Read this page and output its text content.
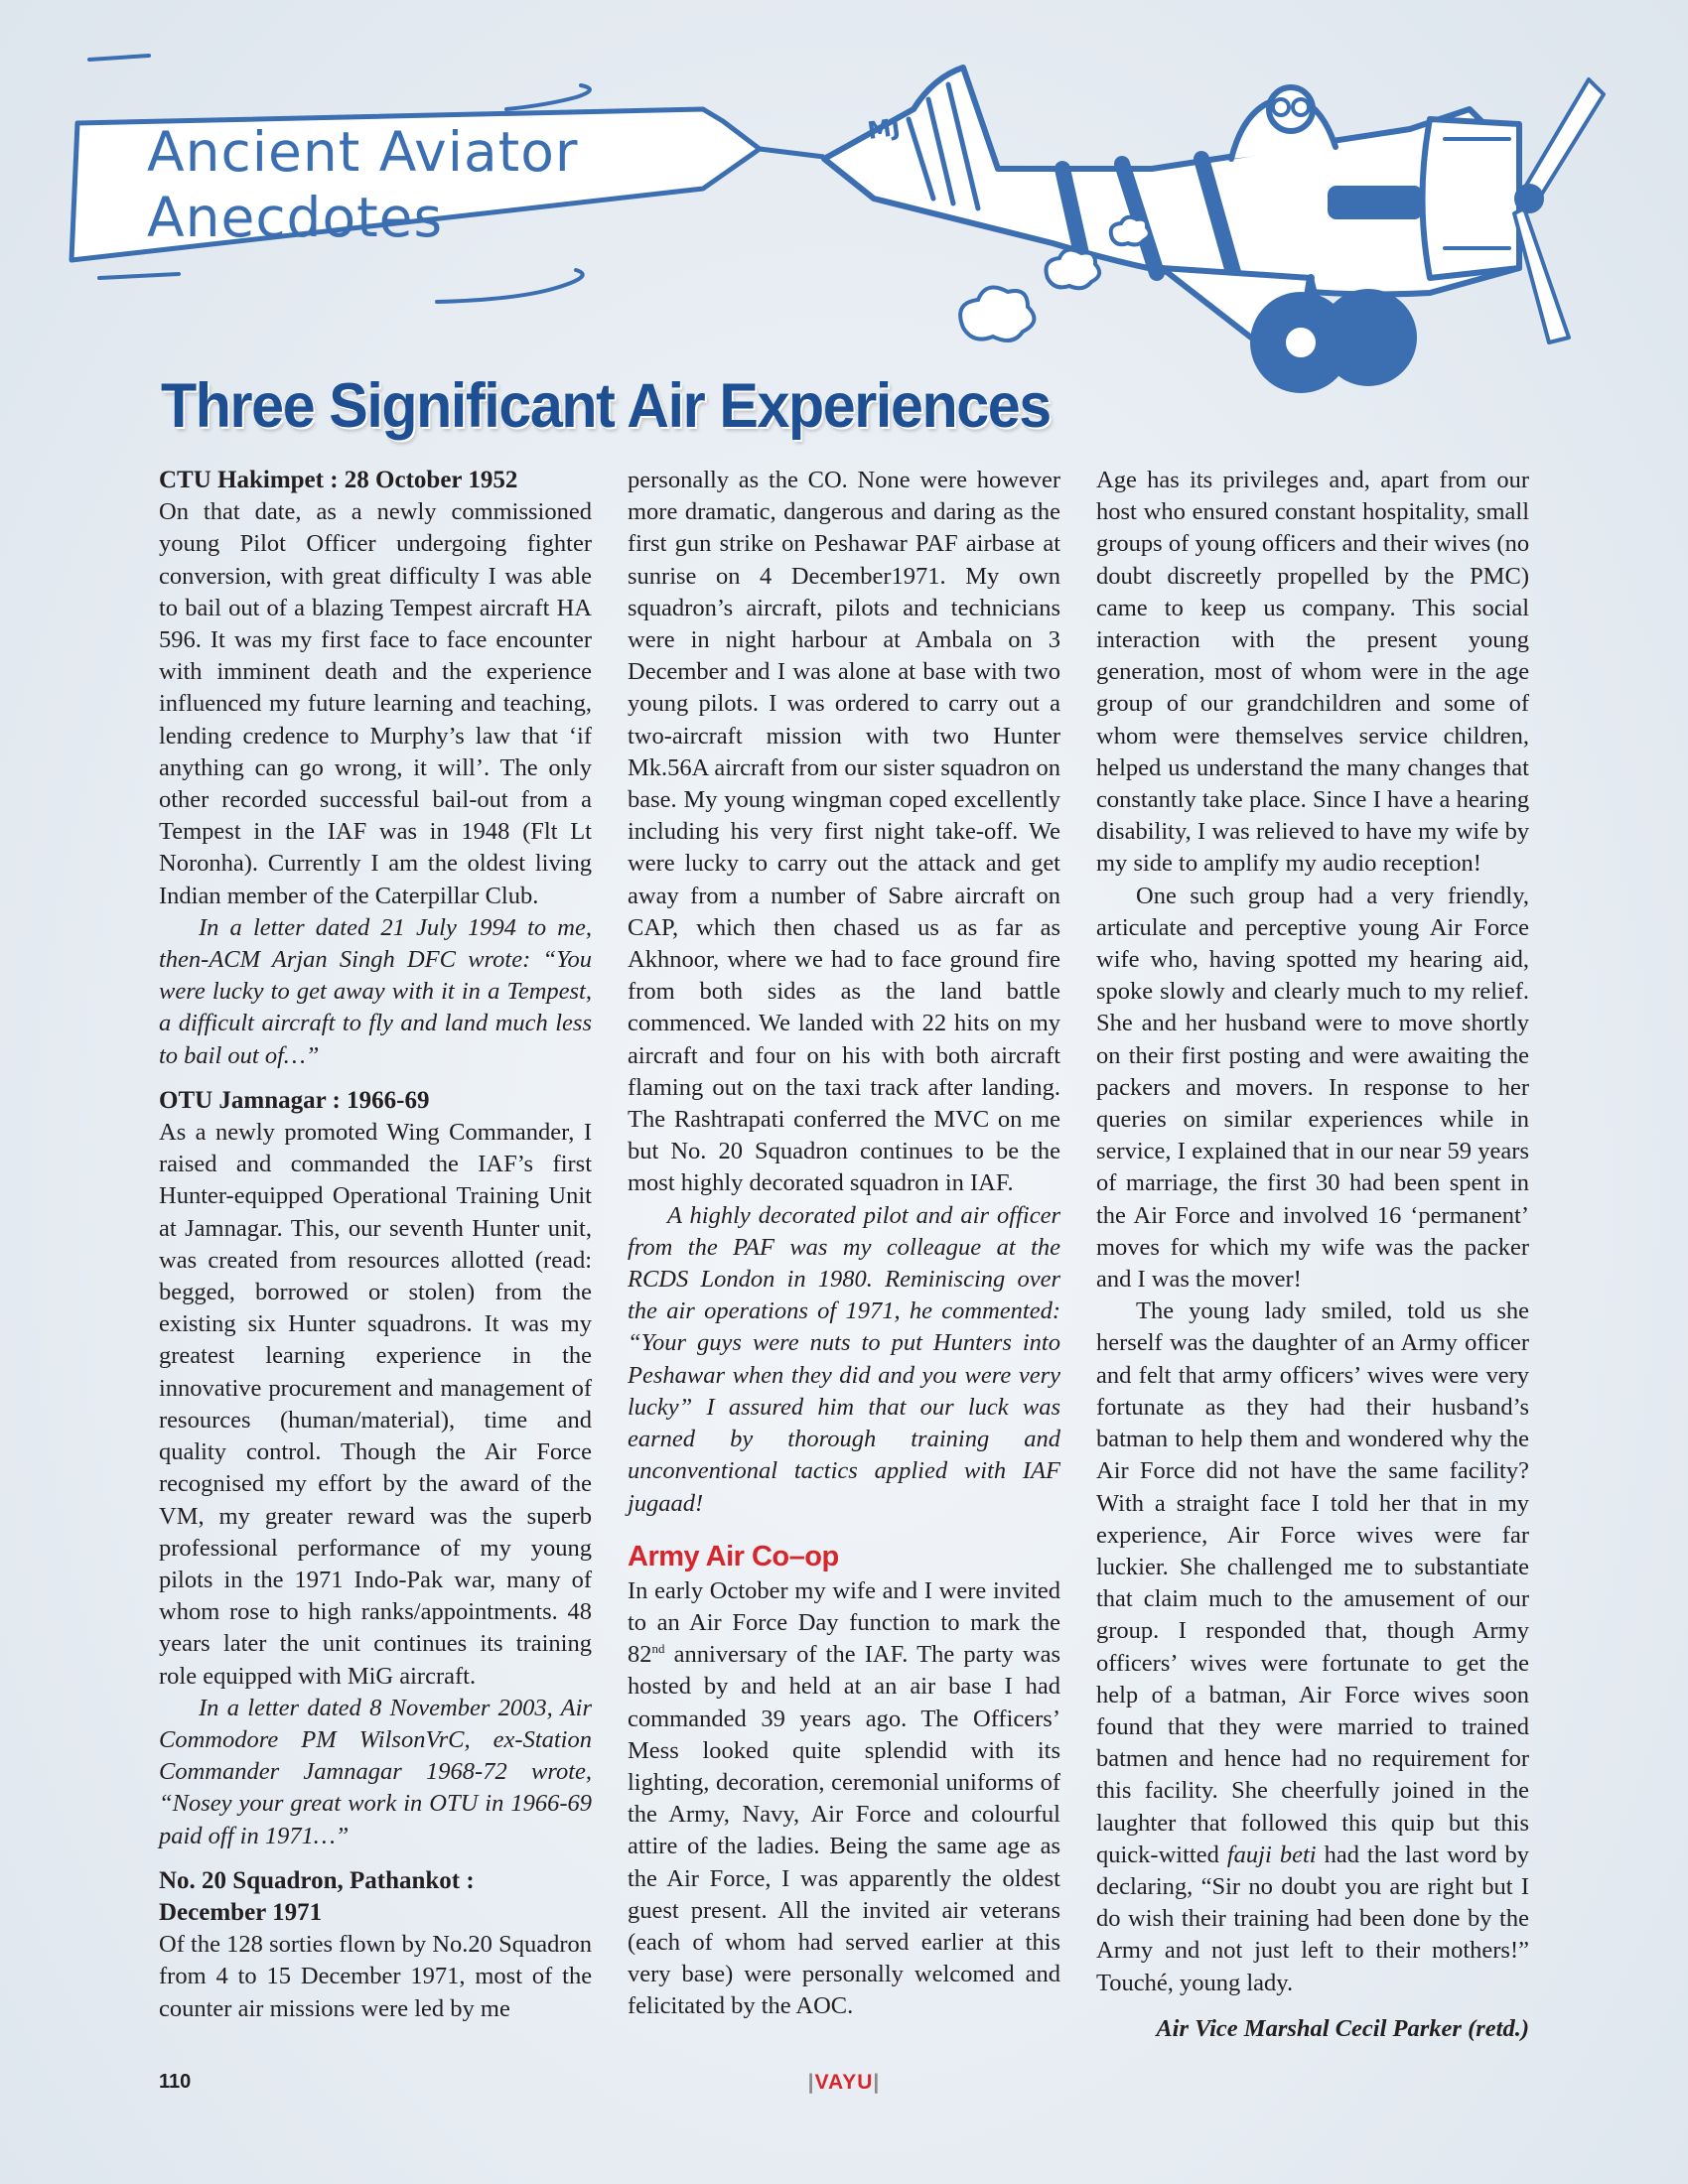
Ancient Aviator
Anecdotes
MJ
Three Significant Air Experiences
CTU Hakimpet : 28 October 1952

On that date, as a newly commissioned young Pilot Officer undergoing fighter conversion, with great difficulty I was able to bail out of a blazing Tempest aircraft HA 596. It was my first face to face encounter with imminent death and the experience influenced my future learning and teaching, lending credence to Murphy’s law that ‘if anything can go wrong, it will’. The only other recorded successful bail-out from a Tempest in the IAF was in 1948 (Flt Lt Noronha). Currently I am the oldest living Indian member of the Caterpillar Club.

In a letter dated 21 July 1994 to me, then-ACM Arjan Singh DFC wrote: “You were lucky to get away with it in a Tempest, a difficult aircraft to fly and land much less to bail out of…”

OTU Jamnagar : 1966-69

As a newly promoted Wing Commander, I raised and commanded the IAF’s first Hunter-equipped Operational Training Unit at Jamnagar. This, our seventh Hunter unit, was created from resources allotted (read: begged, borrowed or stolen) from the existing six Hunter squadrons. It was my greatest learning experience in the innovative procurement and management of resources (human/material), time and quality control. Though the Air Force recognised my effort by the award of the VM, my greater reward was the superb professional performance of my young pilots in the 1971 Indo-Pak war, many of whom rose to high ranks/appointments. 48 years later the unit continues its training role equipped with MiG aircraft.

In a letter dated 8 November 2003, Air Commodore PM WilsonVrC, ex-Station Commander Jamnagar 1968-72 wrote, “Nosey your great work in OTU in 1966-69 paid off in 1971…”

No. 20 Squadron, Pathankot :
December 1971

Of the 128 sorties flown by No.20 Squadron from 4 to 15 December 1971, most of the counter air missions were led by me

Age has its privileges and, apart from our host who ensured constant hospitality, small groups of young officers and their wives (no doubt discreetly propelled by the PMC) came to keep us company. This social interaction with the present young generation, most of whom were in the age group of our grandchildren and some of whom were themselves service children, helped us understand the many changes that constantly take place. Since I have a hearing disability, I was relieved to have my wife by my side to amplify my audio reception!

One such group had a very friendly, articulate and perceptive young Air Force wife who, having spotted my hearing aid, spoke slowly and clearly much to my relief. She and her husband were to move shortly on their first posting and were awaiting the packers and movers. In response to her queries on similar experiences while in service, I explained that in our near 59 years of marriage, the first 30 had been spent in the Air Force and involved 16 ‘permanent’ moves for which my wife was the packer and I was the mover!

The young lady smiled, told us she herself was the daughter of an Army officer and felt that army officers’ wives were very fortunate as they had their husband’s batman to help them and wondered why the Air Force did not have the same facility? With a straight face I told her that in my experience, Air Force wives were far luckier. She challenged me to substantiate that claim much to the amusement of our group. I responded that, though Army officers’ wives were fortunate to get the help of a batman, Air Force wives soon found that they were married to trained batmen and hence had no requirement for this facility. She cheerfully joined in the laughter that followed this quip but this quick-witted fauji beti had the last word by declaring, “Sir no doubt you are right but I do wish their training had been done by the Army and not just left to their mothers!” Touché, young lady.

Air Vice Marshal Cecil Parker (retd.)

personally as the CO. None were however more dramatic, dangerous and daring as the first gun strike on Peshawar PAF airbase at sunrise on 4 December1971. My own squadron’s aircraft, pilots and technicians were in night harbour at Ambala on 3 December and I was alone at base with two young pilots. I was ordered to carry out a two-aircraft mission with two Hunter Mk.56A aircraft from our sister squadron on base. My young wingman coped excellently including his very first night take-off. We were lucky to carry out the attack and get away from a number of Sabre aircraft on CAP, which then chased us as far as Akhnoor, where we had to face ground fire from both sides as the land battle commenced. We landed with 22 hits on my aircraft and four on his with both aircraft flaming out on the taxi track after landing. The Rashtrapati conferred the MVC on me but No. 20 Squadron continues to be the most highly decorated squadron in IAF.

A highly decorated pilot and air officer from the PAF was my colleague at the RCDS London in 1980. Reminiscing over the air operations of 1971, he commented: “Your guys were nuts to put Hunters into Peshawar when they did and you were very lucky” I assured him that our luck was earned by thorough training and unconventional tactics applied with IAF jugaad!

Army Air Co–op

In early October my wife and I were invited to an Air Force Day function to mark the 82nd anniversary of the IAF. The party was hosted by and held at an air base I had commanded 39 years ago. The Officers’ Mess looked quite splendid with its lighting, decoration, ceremonial uniforms of the Army, Navy, Air Force and colourful attire of the ladies. Being the same age as the Air Force, I was apparently the oldest guest present. All the invited air veterans (each of whom had served earlier at this very base) were personally welcomed and felicitated by the AOC.

110	|VAYU|
